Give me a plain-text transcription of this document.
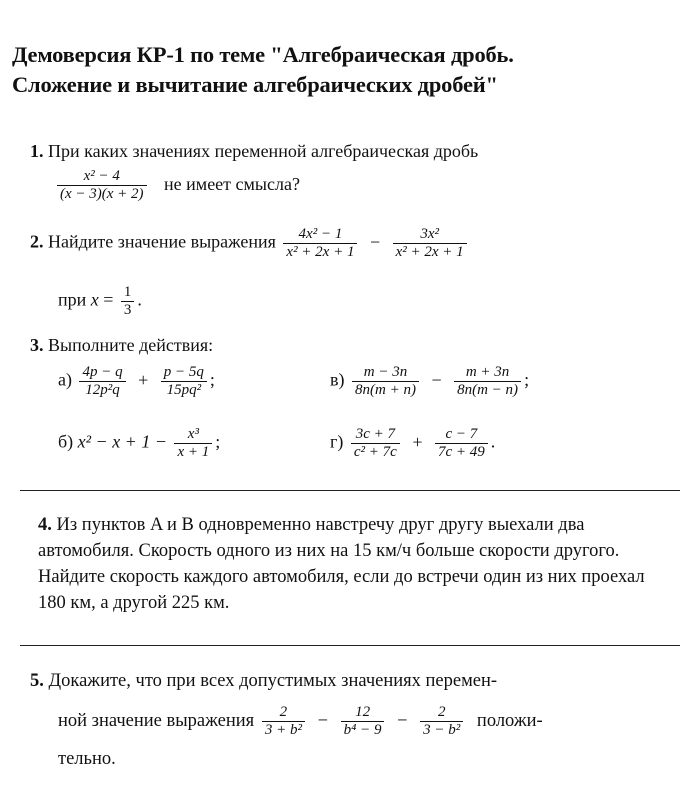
Демоверсия КР-1 по теме "Алгебраическая дробь.
Сложение и вычитание алгебраических дробей"
1. При каких значениях переменной алгебраическая дробь
$\frac{\text{x² − 4}}{(x - 3)(x + 2)}$ не имеет смысла?
2. Найдите значение выражения $\frac{\text{4x² − 1}}{\text{x² + 2x + 1}} - \frac{\text{3x²}}{\text{x² + 2x + 1}}$
при $x = \frac{1}{3}$ .
3. Выполните действия:
$а) \frac{4p - q}{\text{12p²q}} + \frac{p - 5q}{\text{15pq²}}$ ;	$в) \frac{m - 3n}{8n(m + n)} - \frac{m + 3n}{8n(m - n)}$ ;
б) $x^2 - x + 1 - \frac{\text{x³}}{x + 1}$ ;	$г) \frac{3c + 7}{\text{c² + 7c}} + \frac{c - 7}{7c + 49}$ .
4. Из пунктов A и B одновременно навстречу друг другу выехали два автомобиля. Скорость одного из них на 15 км/ч больше скорости другого. Найдите скорость каждого автомобиля, если до встречи один из них проехал 180 км, а другой 225 км.
5. Докажите, что при всех допустимых значениях перемен-
ной значение выражения $\frac{2}{\text{3 + b²}} - \frac{12}{\text{b⁴ − 9}} - \frac{2}{\text{3 − b²}}$ положи-
тельно.
